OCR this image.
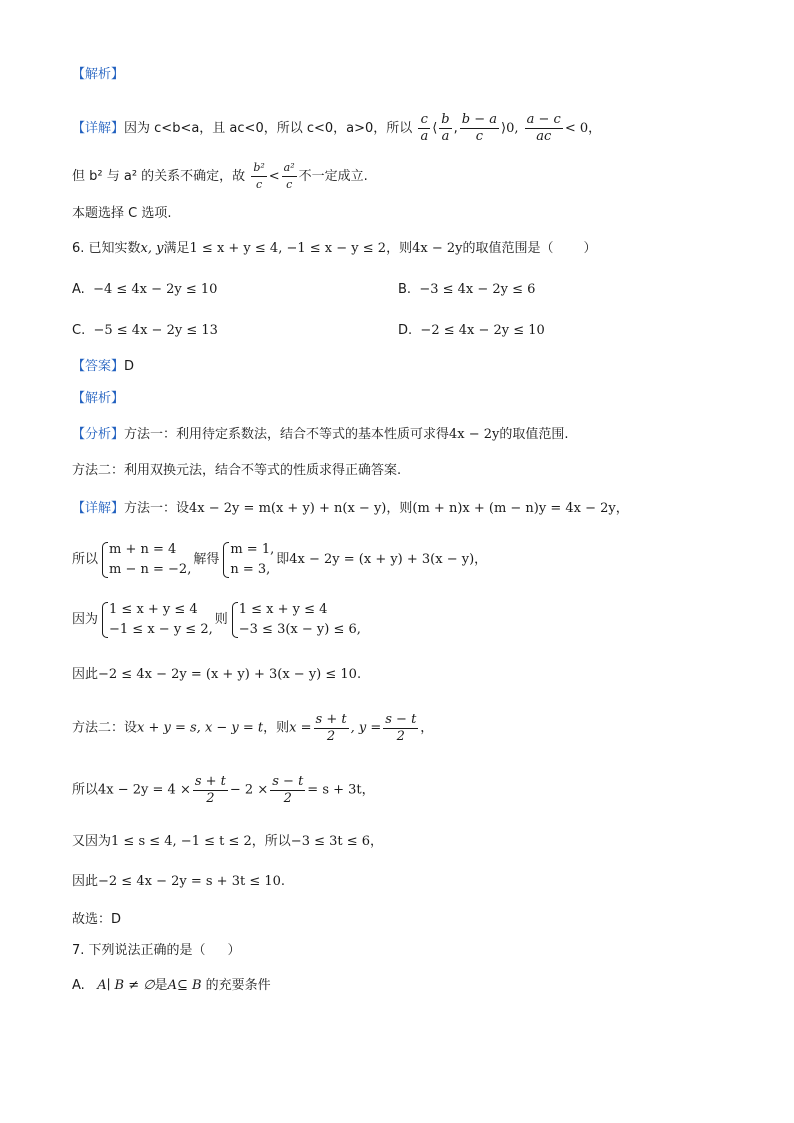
【解析】
【详解】因为 c<b<a，且 ac<0，所以 c<0，a>0，所以 $\frac{c}{a}$ ⟨ $\frac{b}{a}$ , $\frac{b - a}{c}$ ⟩0, $\frac{a - c}{ac} < 0$，
但 b² 与 a² 的关系不确定，故 $\frac{\text{b²}}{c} < \frac{\text{a²}}{c}$ 不一定成立.
本题选择 C 选项.
6. 已知实数x, y满足1 ≤ x + y ≤ 4, −1 ≤ x − y ≤ 2，则4x − 2y的取值范围是（ ）
A. −4 ≤ 4x − 2y ≤ 10	B. −3 ≤ 4x − 2y ≤ 6
C. −5 ≤ 4x − 2y ≤ 13	D. −2 ≤ 4x − 2y ≤ 10
【答案】D
【解析】
【分析】方法一：利用待定系数法，结合不等式的基本性质可求得4x − 2y的取值范围.
方法二：利用双换元法，结合不等式的性质求得正确答案.
【详解】方法一：设4x − 2y = m(x + y) + n(x − y)，则(m + n)x + (m − n)y = 4x − 2y，
所以
m + n = 4
m − n = −2,
解得
m = 1,
n = 3,
即4x − 2y = (x + y) + 3(x − y)，
因为
1 ≤ x + y ≤ 4
−1 ≤ x − y ≤ 2,
则
1 ≤ x + y ≤ 4
−3 ≤ 3(x − y) ≤ 6,
因此−2 ≤ 4x − 2y = (x + y) + 3(x − y) ≤ 10.
方法二：设x + y = s, x − y = t，则$x = \frac{s + t}{2}$ , $y = \frac{s - t}{2}$ ，
所以$4x - 2y = 4 \times \frac{s + t}{2} - 2 \times \frac{s - t}{2} = s + 3t$，
又因为1 ≤ s ≤ 4, −1 ≤ t ≤ 2，所以−3 ≤ 3t ≤ 6，
因此−2 ≤ 4x − 2y = s + 3t ≤ 10.
故选：D
7. 下列说法正确的是（ ）
A. A∣ B ≠ ∅是A⊆ B 的充要条件
